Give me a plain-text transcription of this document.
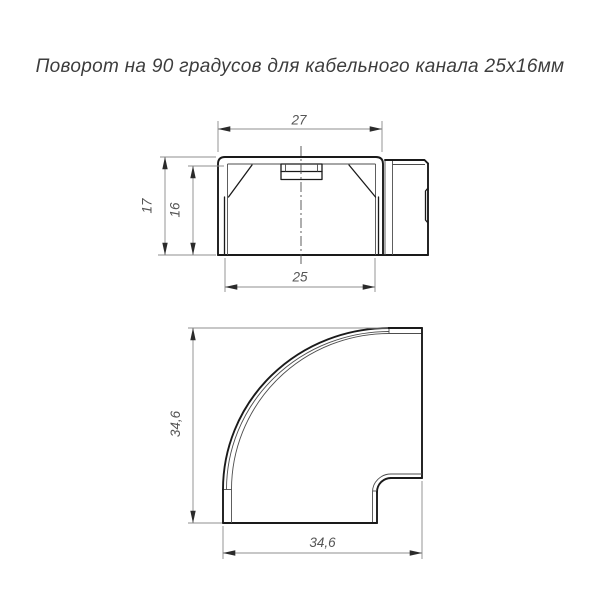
Поворот на 90 градусов для кабельного канала 25х16мм
27
17 16
25
34,6
34,6
